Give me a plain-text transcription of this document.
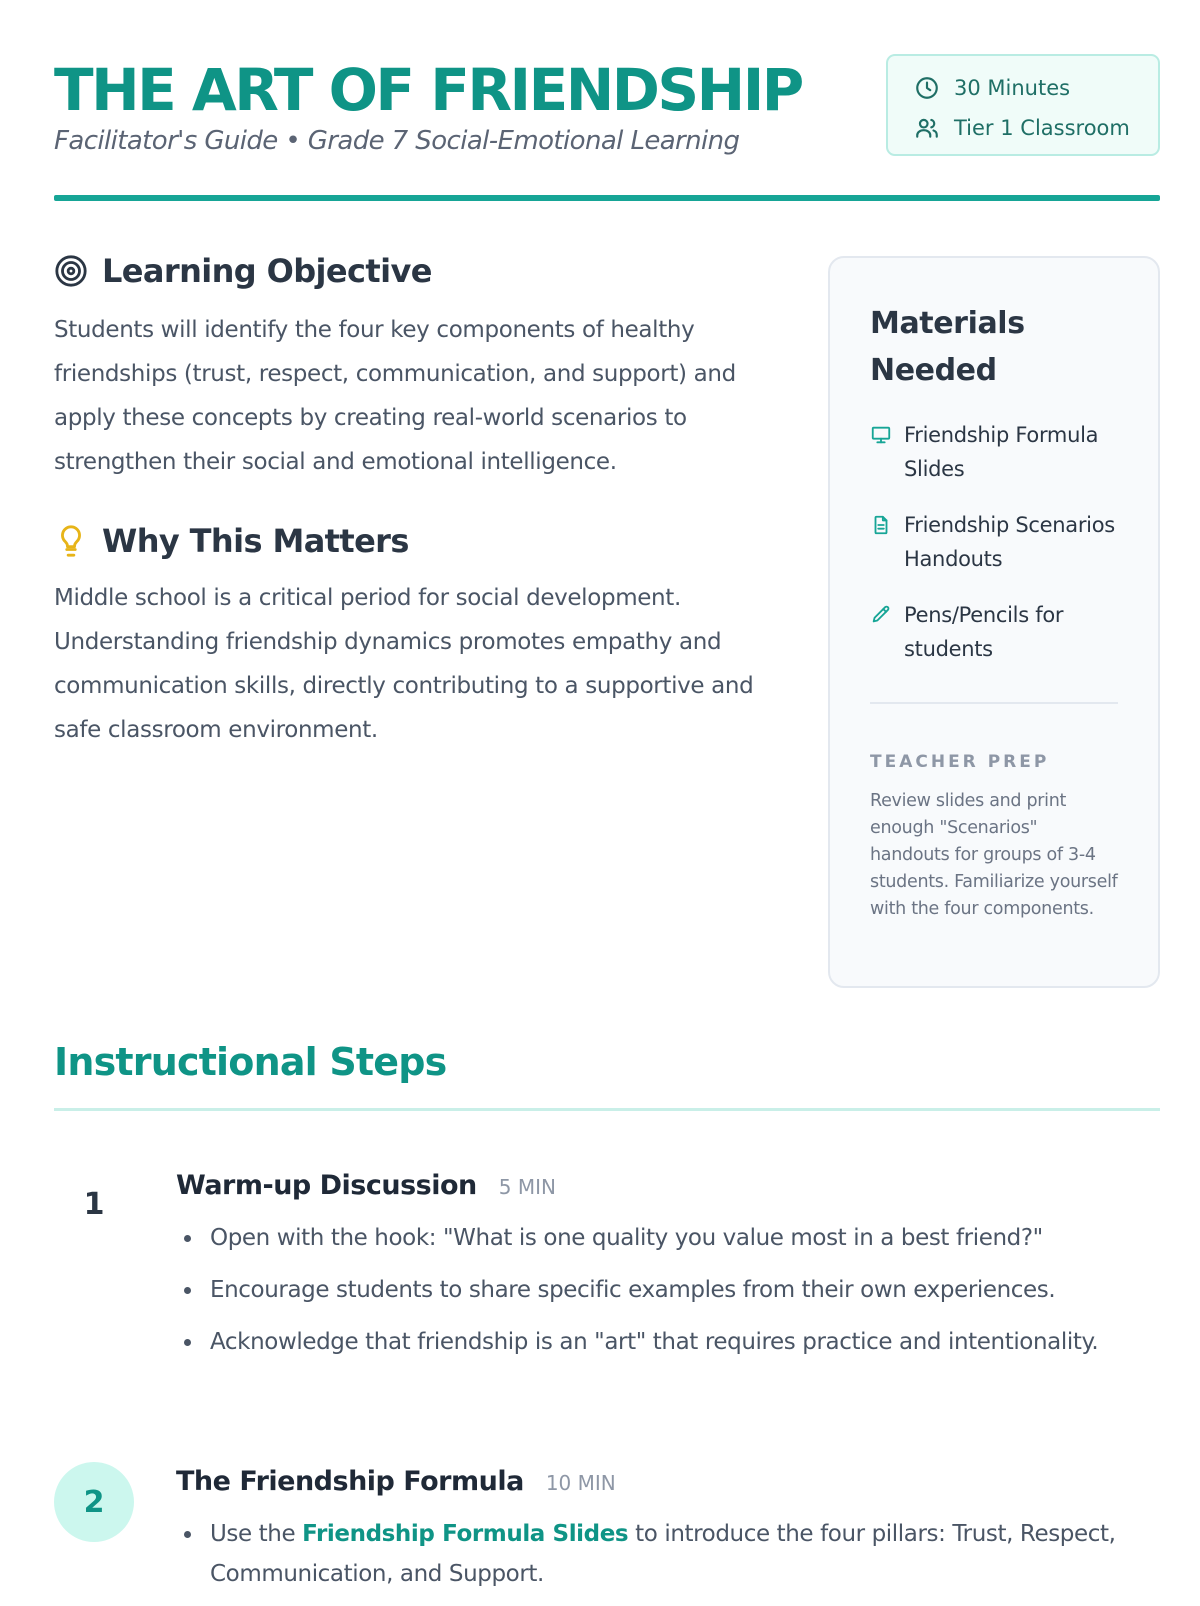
THE ART OF FRIENDSHIP
Facilitator's Guide • Grade 7 Social-Emotional Learning
30 Minutes
Tier 1 Classroom
Learning Objective

Students will identify the four key components of healthy friendships (trust, respect, communication, and support) and apply these concepts by creating real-world scenarios to strengthen their social and emotional intelligence.

Why This Matters

Middle school is a critical period for social development. Understanding friendship dynamics promotes empathy and communication skills, directly contributing to a supportive and safe classroom environment.

Materials Needed
Friendship Formula Slides
Friendship Scenarios Handouts
Pens/Pencils for students
TEACHER PREP

Review slides and print enough "Scenarios" handouts for groups of 3-4 students. Familiarize yourself with the four components.

Instructional Steps
1
Warm-up Discussion 5 MIN
Open with the hook: "What is one quality you value most in a best friend?"
Encourage students to share specific examples from their own experiences.
Acknowledge that friendship is an "art" that requires practice and intentionality.
2
The Friendship Formula 10 MIN
Use the Friendship Formula Slides to introduce the four pillars: Trust, Respect, Communication, and Support.
